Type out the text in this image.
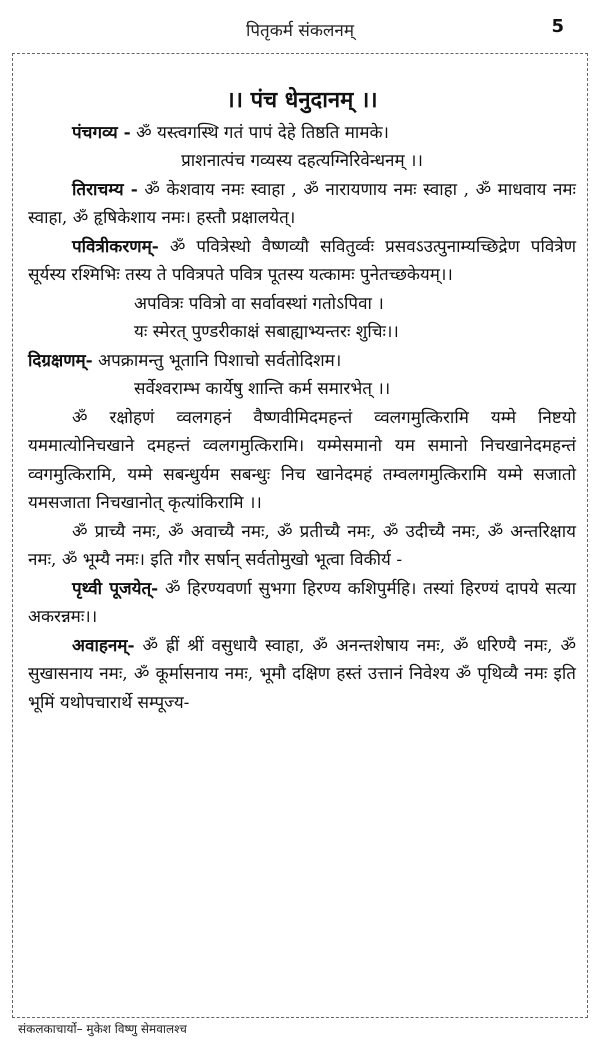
पितृकर्म संकलनम्	5
।। पंच धेनुदानम् ।।

पंचगव्य - ॐ यस्त्वगस्थि गतं पापं देहे तिष्ठति मामके।

प्राशनात्पंच गव्यस्य दहत्यग्निरिवेन्धनम् ।।

तिराचम्य - ॐ केशवाय नमः स्वाहा , ॐ नारायणाय नमः स्वाहा , ॐ माधवाय नमः स्वाहा, ॐ हृषिकेशाय नमः। हस्तौ प्रक्षालयेत्।

पवित्रीकरणम्- ॐ पवित्रेस्थो वैष्णव्यौ सवितुर्व्वः प्रसवऽउत्पुनाम्यच्छिद्रेण पवित्रेण सूर्यस्य रश्मिभिः तस्य ते पवित्रपते पवित्र पूतस्य यत्कामः पुनेतच्छकेयम्।।

अपवित्रः पवित्रो वा सर्वावस्थां गतोऽपिवा ।

यः स्मेरत् पुण्डरीकाक्षं सबाह्याभ्यन्तरः शुचिः।।

दिग्रक्षणम्- अपक्रामन्तु भूतानि पिशाचो सर्वतोदिशम।

सर्वेश्वराम्भ कार्येषु शान्ति कर्म समारभेत् ।।

ॐ रक्षोहणं व्वलगहनं वैष्णवीमिदमहन्तं व्वलगमुत्किरामि यम्मे निष्टयो यममात्योनिचखाने दमहन्तं व्वलगमुत्किरामि। यम्मेसमानो यम समानो निचखानेदमहन्तं व्वगमुत्किरामि, यम्मे सबन्धुर्यम सबन्धुः निच खानेदमहं तम्वलगमुत्किरामि यम्मे सजातो यमसजाता निचखानोत् कृत्यांकिरामि ।।

ॐ प्राच्यै नमः, ॐ अवाच्यै नमः, ॐ प्रतीच्यै नमः, ॐ उदीच्यै नमः, ॐ अन्तरिक्षाय नमः, ॐ भूम्यै नमः। इति गौर सर्षान् सर्वतोमुखो भूत्वा विकीर्य -

पृथ्वी पूजयेत्- ॐ हिरण्यवर्णा सुभगा हिरण्य कशिपुर्महि। तस्यां हिरण्यं दापये सत्या अकरन्नमः।।

अवाहनम्- ॐ ह्रीं श्रीं वसुधायै स्वाहा, ॐ अनन्तशेषाय नमः, ॐ धरिण्यै नमः, ॐ सुखासनाय नमः, ॐ कूर्मासनाय नमः, भूमौ दक्षिण हस्तं उत्तानं निवेश्य ॐ पृथिव्यै नमः इति भूमिं यथोपचारार्थे सम्पूज्य-

संकलकाचार्यो– मुकेश विष्णु सेमवालश्च
